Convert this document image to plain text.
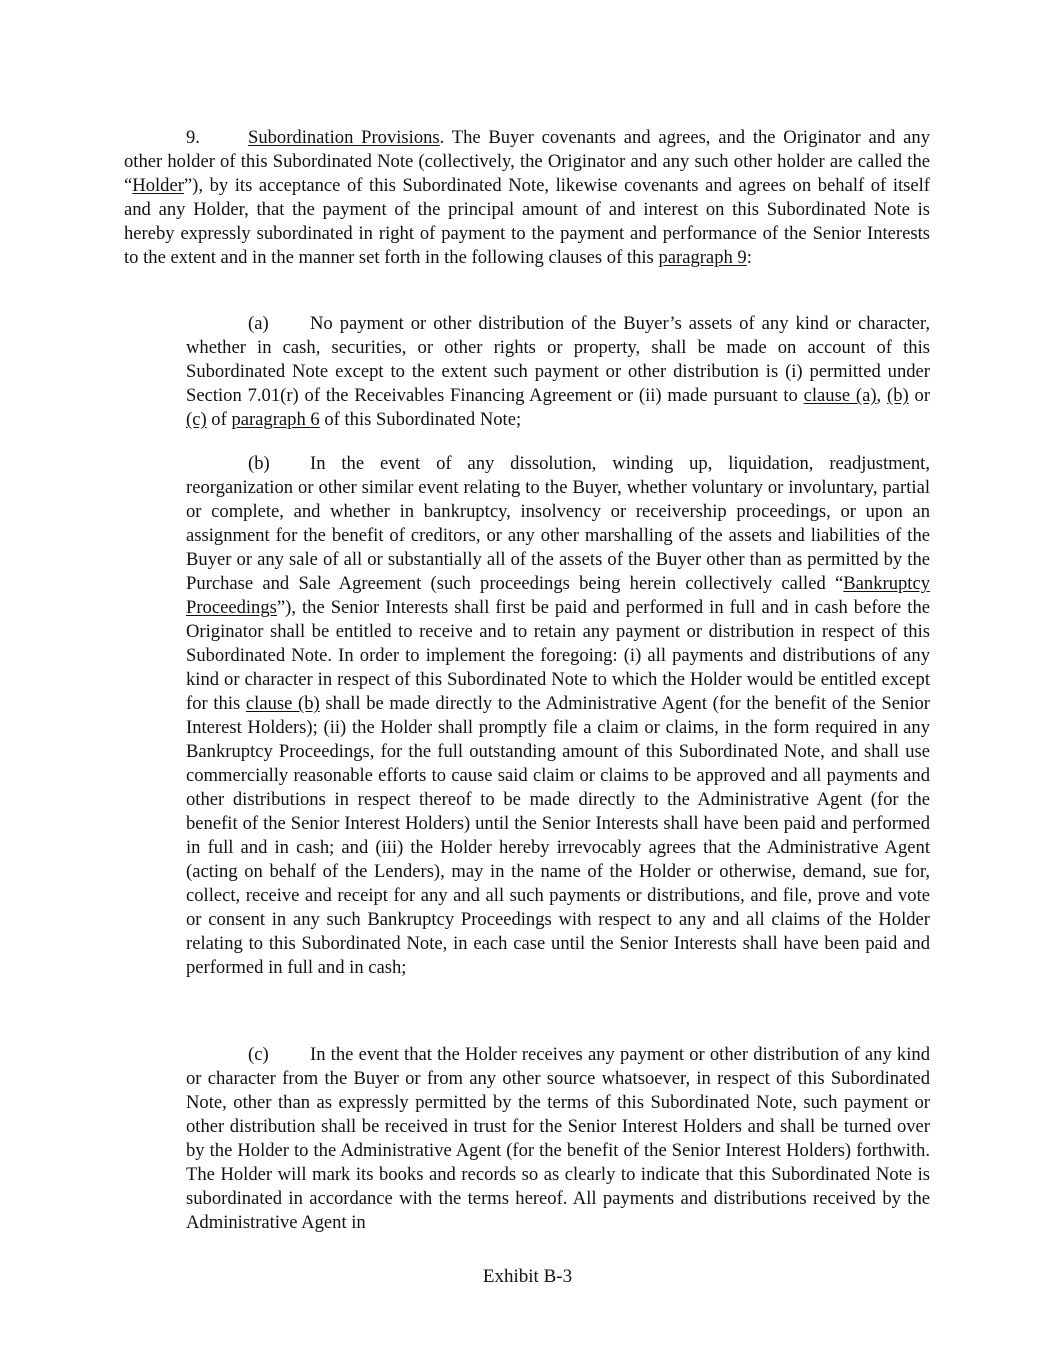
9.	Subordination Provisions. The Buyer covenants and agrees, and the Originator and any other holder of this Subordinated Note (collectively, the Originator and any such other holder are called the “Holder”), by its acceptance of this Subordinated Note, likewise covenants and agrees on behalf of itself and any Holder, that the payment of the principal amount of and interest on this Subordinated Note is hereby expressly subordinated in right of payment to the payment and performance of the Senior Interests to the extent and in the manner set forth in the following clauses of this paragraph 9:

(a) No payment or other distribution of the Buyer’s assets of any kind or character, whether in cash, securities, or other rights or property, shall be made on account of this Subordinated Note except to the extent such payment or other distribution is (i) permitted under Section 7.01(r) of the Receivables Financing Agreement or (ii) made pursuant to clause (a), (b) or (c) of paragraph 6 of this Subordinated Note;

(b) In the event of any dissolution, winding up, liquidation, readjustment, reorganization or other similar event relating to the Buyer, whether voluntary or involuntary, partial or complete, and whether in bankruptcy, insolvency or receivership proceedings, or upon an assignment for the benefit of creditors, or any other marshalling of the assets and liabilities of the Buyer or any sale of all or substantially all of the assets of the Buyer other than as permitted by the Purchase and Sale Agreement (such proceedings being herein collectively called “Bankruptcy Proceedings”), the Senior Interests shall first be paid and performed in full and in cash before the Originator shall be entitled to receive and to retain any payment or distribution in respect of this Subordinated Note. In order to implement the foregoing: (i) all payments and distributions of any kind or character in respect of this Subordinated Note to which the Holder would be entitled except for this clause (b) shall be made directly to the Administrative Agent (for the benefit of the Senior Interest Holders); (ii) the Holder shall promptly file a claim or claims, in the form required in any Bankruptcy Proceedings, for the full outstanding amount of this Subordinated Note, and shall use commercially reasonable efforts to cause said claim or claims to be approved and all payments and other distributions in respect thereof to be made directly to the Administrative Agent (for the benefit of the Senior Interest Holders) until the Senior Interests shall have been paid and performed in full and in cash; and (iii) the Holder hereby irrevocably agrees that the Administrative Agent (acting on behalf of the Lenders), may in the name of the Holder or otherwise, demand, sue for, collect, receive and receipt for any and all such payments or distributions, and file, prove and vote or consent in any such Bankruptcy Proceedings with respect to any and all claims of the Holder relating to this Subordinated Note, in each case until the Senior Interests shall have been paid and performed in full and in cash;

(c) In the event that the Holder receives any payment or other distribution of any kind or character from the Buyer or from any other source whatsoever, in respect of this Subordinated Note, other than as expressly permitted by the terms of this Subordinated Note, such payment or other distribution shall be received in trust for the Senior Interest Holders and shall be turned over by the Holder to the Administrative Agent (for the benefit of the Senior Interest Holders) forthwith. The Holder will mark its books and records so as clearly to indicate that this Subordinated Note is subordinated in accordance with the terms hereof. All payments and distributions received by the Administrative Agent in

Exhibit B-3
